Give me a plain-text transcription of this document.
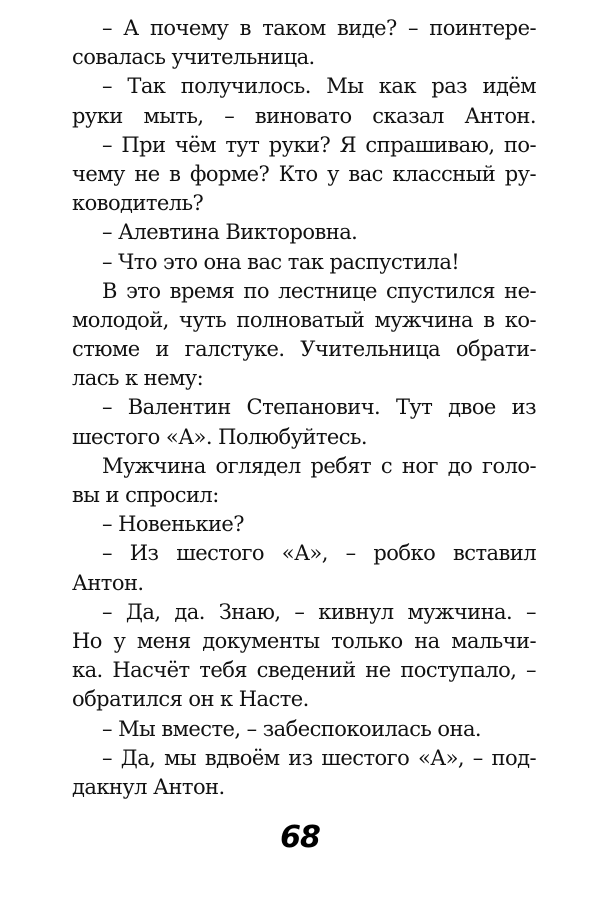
– А почему в таком виде? – поинтере-
совалась учительница.
– Так получилось. Мы как раз идём
руки мыть, – виновато сказал Антон.
– При чём тут руки? Я спрашиваю, по-
чему не в форме? Кто у вас классный ру-
ководитель?
– Алевтина Викторовна.
– Что это она вас так распустила!
В это время по лестнице спустился не-
молодой, чуть полноватый мужчина в ко-
стюме и галстуке. Учительница обрати-
лась к нему:
– Валентин Степанович. Тут двое из
шестого «А». Полюбуйтесь.
Мужчина оглядел ребят с ног до голо-
вы и спросил:
– Новенькие?
– Из шестого «А», – робко вставил
Антон.
– Да, да. Знаю, – кивнул мужчина. –
Но у меня документы только на мальчи-
ка. Насчёт тебя сведений не поступало, –
обратился он к Насте.
– Мы вместе, – забеспокоилась она.
– Да, мы вдвоём из шестого «А», – под-
дакнул Антон.
68
